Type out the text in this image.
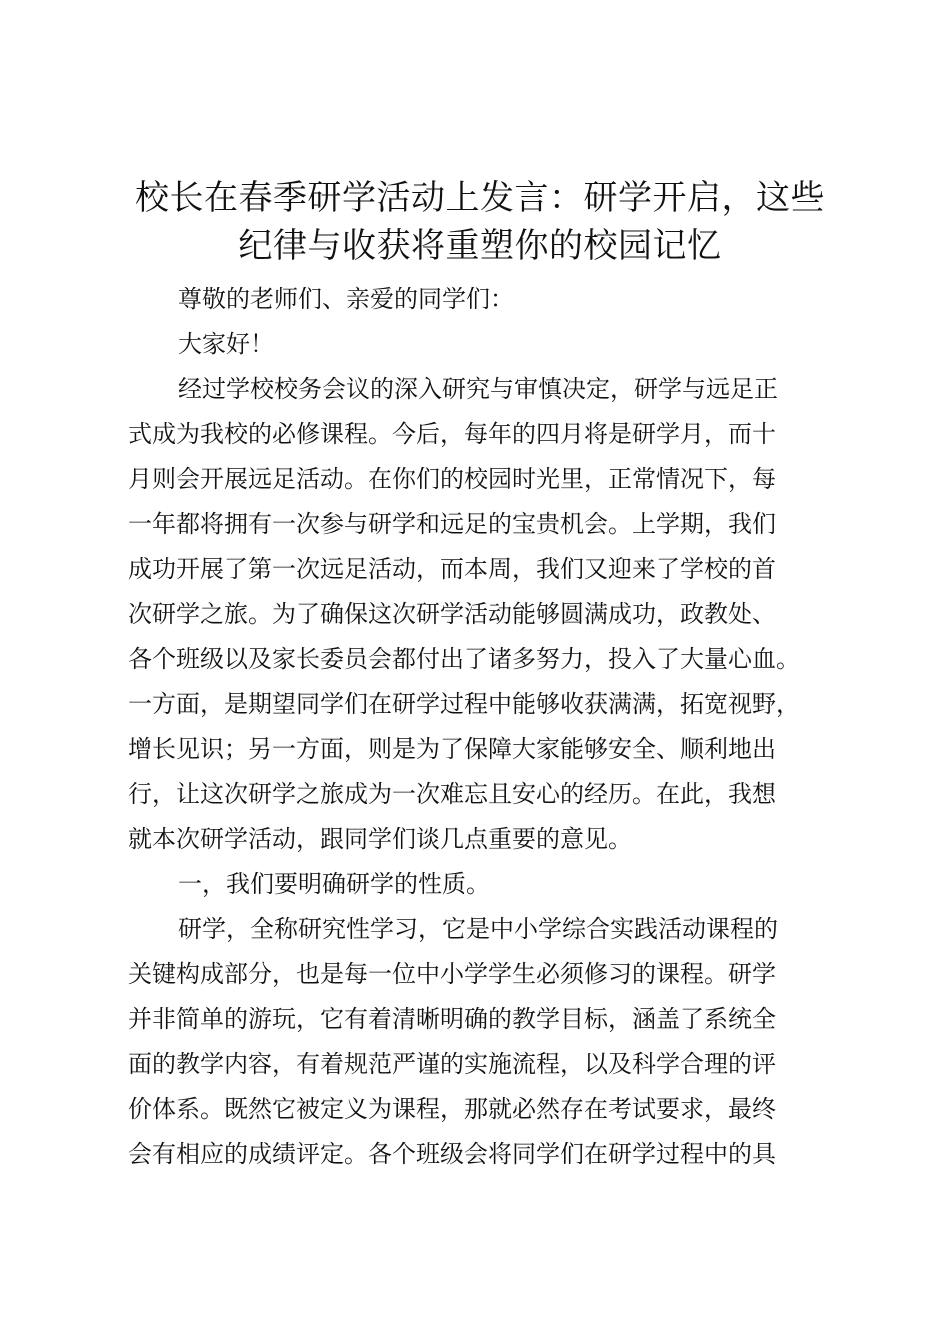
校长在春季研学活动上发言：研学开启，这些
纪律与收获将重塑你的校园记忆

尊敬的老师们、亲爱的同学们：

大家好！

经过学校校务会议的深入研究与审慎决定，研学与远足正
式成为我校的必修课程。今后，每年的四月将是研学月，而十
月则会开展远足活动。在你们的校园时光里，正常情况下，每
一年都将拥有一次参与研学和远足的宝贵机会。上学期，我们
成功开展了第一次远足活动，而本周，我们又迎来了学校的首
次研学之旅。为了确保这次研学活动能够圆满成功，政教处、
各个班级以及家长委员会都付出了诸多努力，投入了大量心血。
一方面，是期望同学们在研学过程中能够收获满满，拓宽视野，
增长见识；另一方面，则是为了保障大家能够安全、顺利地出
行，让这次研学之旅成为一次难忘且安心的经历。在此，我想
就本次研学活动，跟同学们谈几点重要的意见。

一，我们要明确研学的性质。

研学，全称研究性学习，它是中小学综合实践活动课程的
关键构成部分，也是每一位中小学学生必须修习的课程。研学
并非简单的游玩，它有着清晰明确的教学目标，涵盖了系统全
面的教学内容，有着规范严谨的实施流程，以及科学合理的评
价体系。既然它被定义为课程，那就必然存在考试要求，最终
会有相应的成绩评定。各个班级会将同学们在研学过程中的具
